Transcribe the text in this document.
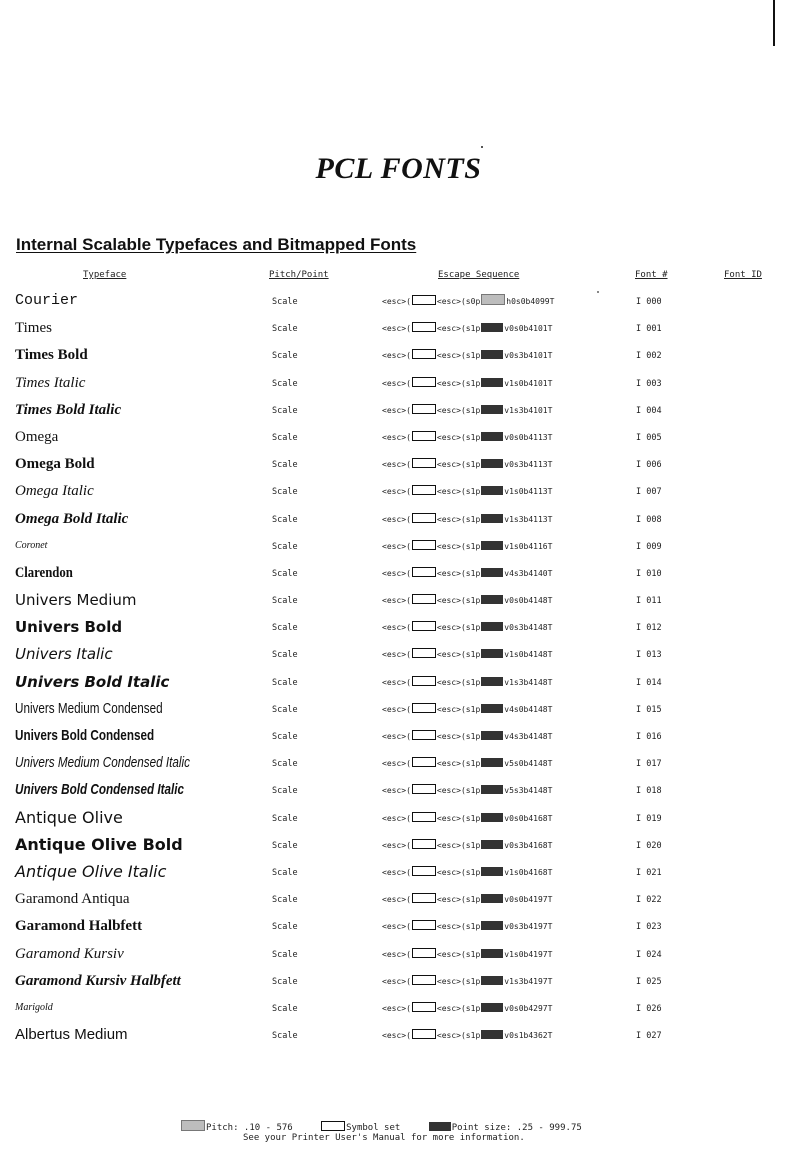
PCL FONTS
Internal Scalable Typefaces and Bitmapped Fonts
Typeface	Pitch/Point	Escape Sequence	Font #	Font ID
Courier	Scale	<esc>(	<esc>(s0p	h0s0b4099T	I 000
Times	Scale	<esc>(	<esc>(s1p	v0s0b4101T	I 001
Times Bold	Scale	<esc>(	<esc>(s1p	v0s3b4101T	I 002
Times Italic	Scale	<esc>(	<esc>(s1p	v1s0b4101T	I 003
Times Bold Italic	Scale	<esc>(	<esc>(s1p	v1s3b4101T	I 004
Omega	Scale	<esc>(	<esc>(s1p	v0s0b4113T	I 005
Omega Bold	Scale	<esc>(	<esc>(s1p	v0s3b4113T	I 006
Omega Italic	Scale	<esc>(	<esc>(s1p	v1s0b4113T	I 007
Omega Bold Italic	Scale	<esc>(	<esc>(s1p	v1s3b4113T	I 008
Coronet	Scale	<esc>(	<esc>(s1p	v1s0b4116T	I 009
Clarendon	Scale	<esc>(	<esc>(s1p	v4s3b4140T	I 010
Univers Medium	Scale	<esc>(	<esc>(s1p	v0s0b4148T	I 011
Univers Bold	Scale	<esc>(	<esc>(s1p	v0s3b4148T	I 012
Univers Italic	Scale	<esc>(	<esc>(s1p	v1s0b4148T	I 013
Univers Bold Italic	Scale	<esc>(	<esc>(s1p	v1s3b4148T	I 014
Univers Medium Condensed	Scale	<esc>(	<esc>(s1p	v4s0b4148T	I 015
Univers Bold Condensed	Scale	<esc>(	<esc>(s1p	v4s3b4148T	I 016
Univers Medium Condensed Italic	Scale	<esc>(	<esc>(s1p	v5s0b4148T	I 017
Univers Bold Condensed Italic	Scale	<esc>(	<esc>(s1p	v5s3b4148T	I 018
Antique Olive	Scale	<esc>(	<esc>(s1p	v0s0b4168T	I 019
Antique Olive Bold	Scale	<esc>(	<esc>(s1p	v0s3b4168T	I 020
Antique Olive Italic	Scale	<esc>(	<esc>(s1p	v1s0b4168T	I 021
Garamond Antiqua	Scale	<esc>(	<esc>(s1p	v0s0b4197T	I 022
Garamond Halbfett	Scale	<esc>(	<esc>(s1p	v0s3b4197T	I 023
Garamond Kursiv	Scale	<esc>(	<esc>(s1p	v1s0b4197T	I 024
Garamond Kursiv Halbfett	Scale	<esc>(	<esc>(s1p	v1s3b4197T	I 025
Marigold	Scale	<esc>(	<esc>(s1p	v0s0b4297T	I 026
Albertus Medium	Scale	<esc>(	<esc>(s1p	v0s1b4362T	I 027
Pitch: .10 - 576	Symbol set	Point size: .25 - 999.75
See your Printer User's Manual for more information.
